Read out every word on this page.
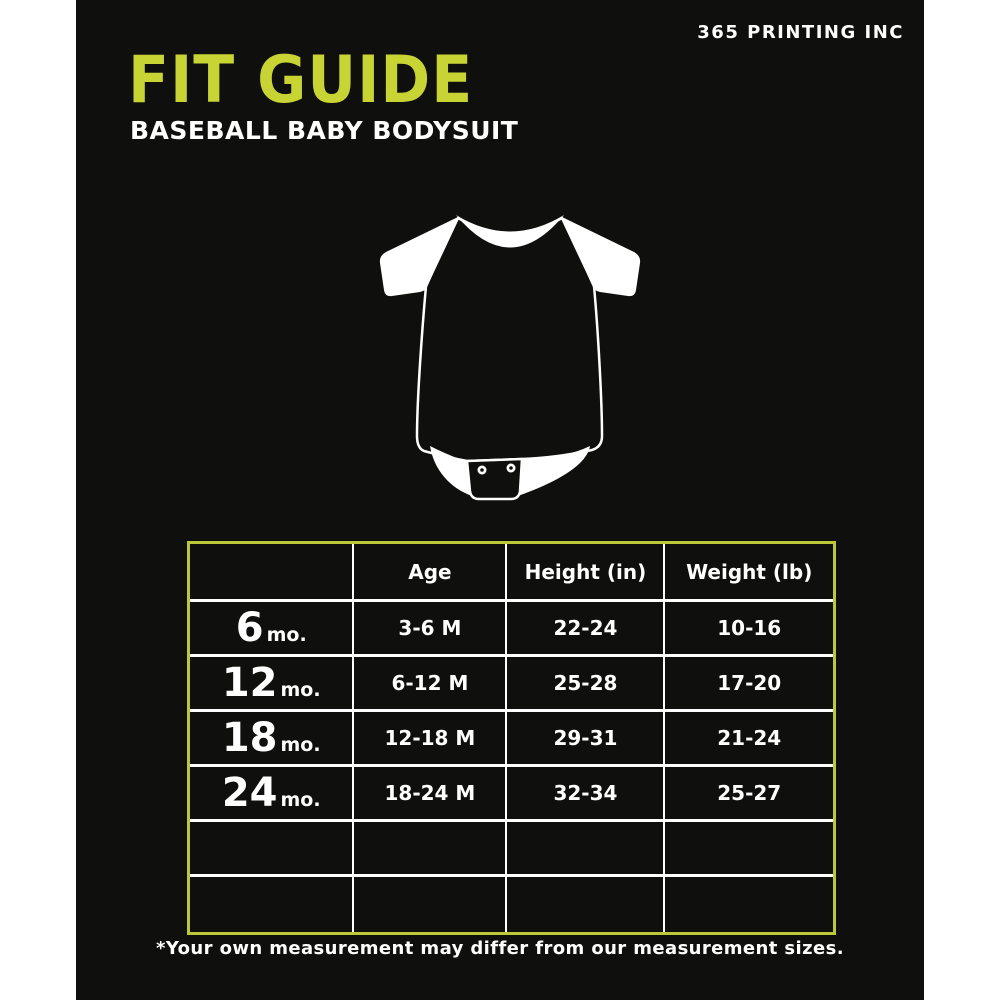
365 PRINTING INC
FIT GUIDE
BASEBALL BABY BODYSUIT
	Age	Height (in)	Weight (lb)
6 mo.	3-6 M	22-24	10-16
12 mo.	6-12 M	25-28	17-20
18 mo.	12-18 M	29-31	21-24
24 mo.	18-24 M	32-34	25-27

*Your own measurement may differ from our measurement sizes.
